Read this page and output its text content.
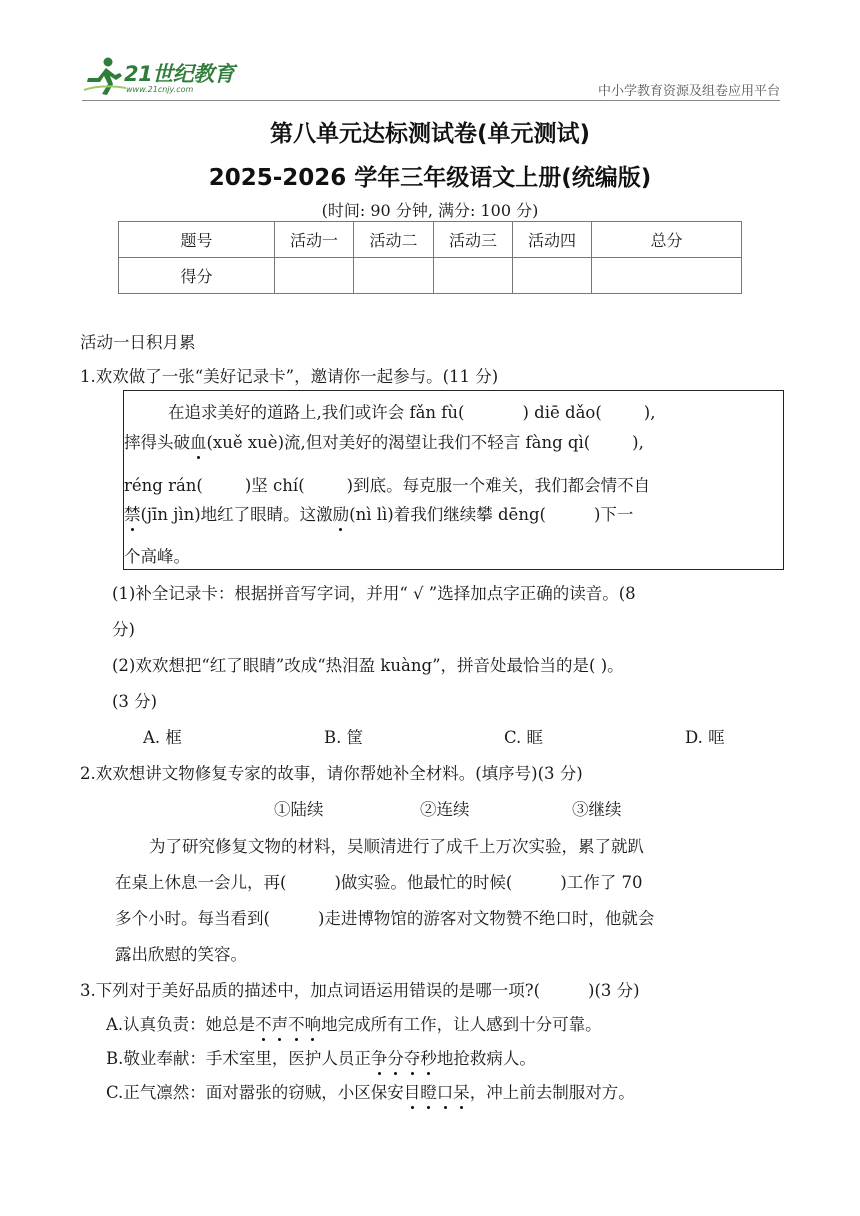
21世纪教育
www.21cnjy.com	中小学教育资源及组卷应用平台
第八单元达标测试卷(单元测试)
2025-2026 学年三年级语文上册(统编版)
(时间: 90 分钟, 满分: 100 分)
题号	活动一	活动二	活动三	活动四	总分
得分					
活动一日积月累
1.欢欢做了一张“美好记录卡”，邀请你一起参与。(11 分)
在追求美好的道路上,我们或许会 fǎn fù(	) diē dǎo(	),
摔得头破血(xuě xuè)流,但对美好的渴望让我们不轻言 fàng qì(	),
réng rán(	)坚 chí(	)到底。每克服一个难关，我们都会情不自
禁(jīn jìn)地红了眼睛。这激励(nì lì)着我们继续攀 dēng(	)下一
个高峰。
(1)补全记录卡：根据拼音写字词，并用“ √ ”选择加点字正确的读音。(8
分)
(2)欢欢想把“红了眼睛”改成“热泪盈 kuàng”，拼音处最恰当的是( )。
(3 分)
A. 框	B. 筐	C. 眶	D. 哐
2.欢欢想讲文物修复专家的故事，请你帮她补全材料。(填序号)(3 分)
①陆续	②连续	③继续
为了研究修复文物的材料，吴顺清进行了成千上万次实验，累了就趴
在桌上休息一会儿，再(	)做实验。他最忙的时候(	)工作了 70
多个小时。每当看到(	)走进博物馆的游客对文物赞不绝口时，他就会
露出欣慰的笑容。
3.下列对于美好品质的描述中，加点词语运用错误的是哪一项?(	)(3 分)
A.认真负责：她总是不声不响地完成所有工作，让人感到十分可靠。
B.敬业奉献：手术室里，医护人员正争分夺秒地抢救病人。
C.正气凛然：面对嚣张的窃贼，小区保安目瞪口呆，冲上前去制服对方。
